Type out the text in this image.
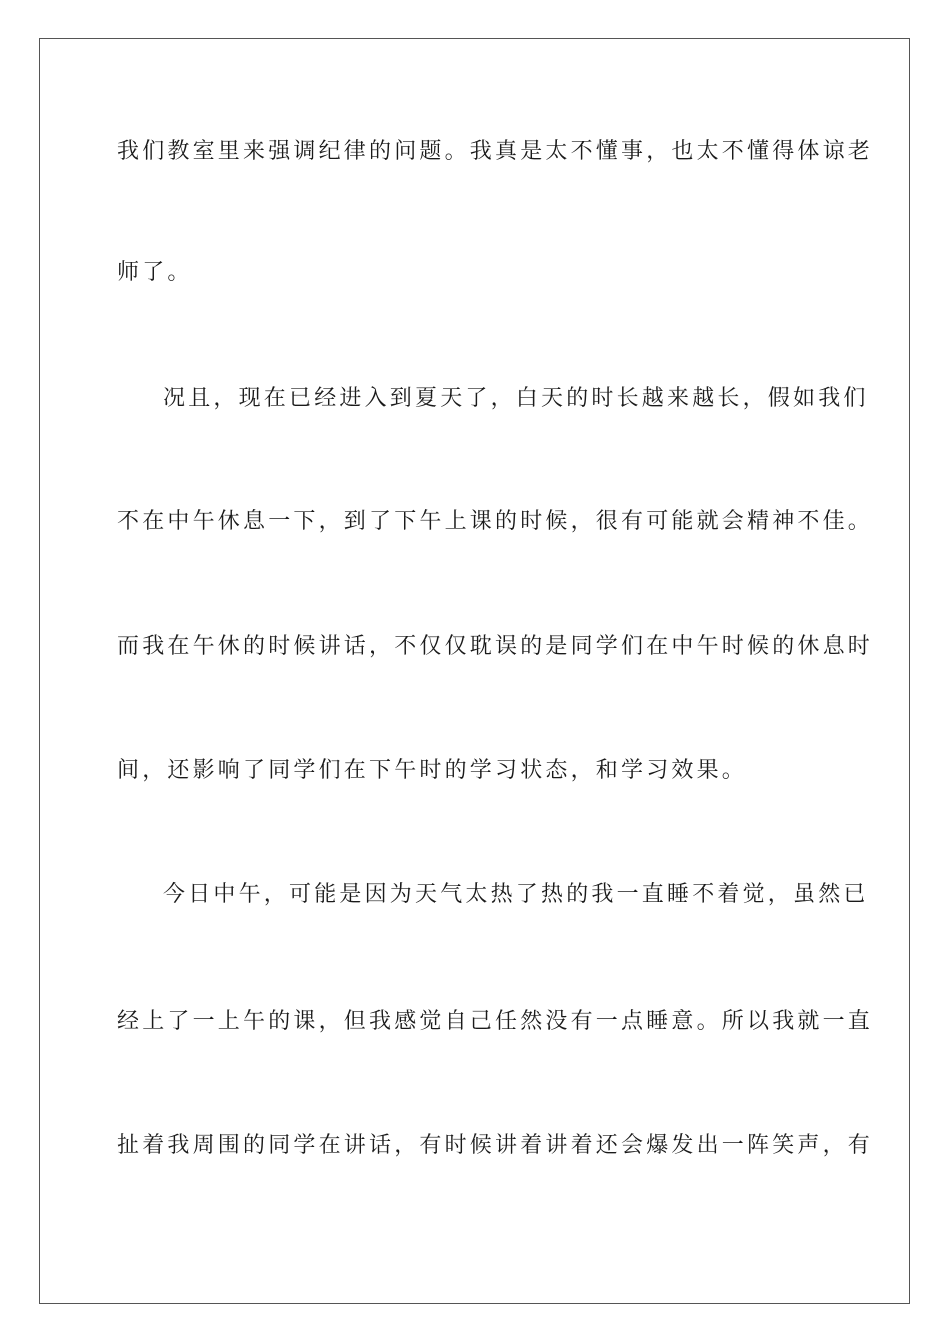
我们教室里来强调纪律的问题。我真是太不懂事，也太不懂得体谅老
师了。
况且，现在已经进入到夏天了，白天的时长越来越长，假如我们
不在中午休息一下，到了下午上课的时候，很有可能就会精神不佳。
而我在午休的时候讲话，不仅仅耽误的是同学们在中午时候的休息时
间，还影响了同学们在下午时的学习状态，和学习效果。
今日中午，可能是因为天气太热了热的我一直睡不着觉，虽然已
经上了一上午的课，但我感觉自己任然没有一点睡意。所以我就一直
扯着我周围的同学在讲话，有时候讲着讲着还会爆发出一阵笑声，有
